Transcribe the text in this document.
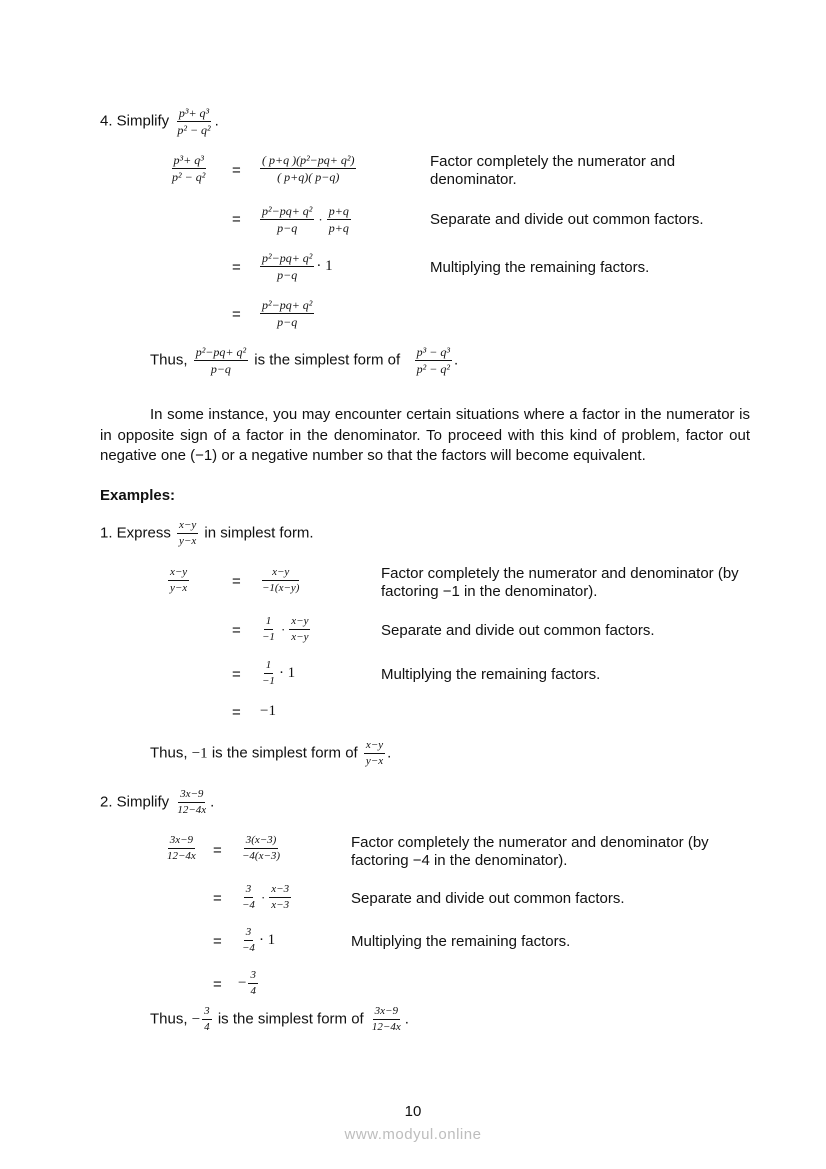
4. Simplify $\frac{\text{p³+ q³}}{\text{p² − q²}}$ .
$\frac{\text{p³+ q³}}{\text{p² − q²}} = \frac{\text{( p+q )(p²−pq+ q²)}}{( p+q)( p-q)}$	Factor completely the numerator and denominator.
= $\frac{\text{p²−pq+ q²}}{p-q} \cdot \frac{p+q}{p+q}$	Separate and divide out common factors.
= $\frac{\text{p²−pq+ q²}}{p-q} \cdot 1$	Multiplying the remaining factors.
= $\frac{\text{p²−pq+ q²}}{p-q}$
Thus, $\frac{\text{p²−pq+ q²}}{p-q}$ is the simplest form of $\frac{\text{p³ − q³}}{\text{p² − q²}}$ .
In some instance, you may encounter certain situations where a factor in the numerator is in opposite sign of a factor in the denominator. To proceed with this kind of problem, factor out negative one (−1) or a negative number so that the factors will become equivalent.
Examples:
1. Express $\frac{x-y}{y-x}$ in simplest form.
$\frac{x-y}{y-x}$	= $\frac{x-y}{-1(x-y)}$	Factor completely the numerator and denominator (by
factoring −1 in the denominator).
= $\frac{1}{-1} \cdot \frac{x-y}{x-y}$	Separate and divide out common factors.
= $\frac{1}{-1} \cdot 1$	Multiplying the remaining factors.
= −1
Thus, −1 is the simplest form of $\frac{x-y}{y-x}$ .
2. Simplify $\frac{3x-9}{12-4x}$ .
$\frac{3x-9}{12-4x} = \frac{3(x-3)}{-4(x-3)}$	Factor completely the numerator and denominator (by
factoring −4 in the denominator).
= $\frac{3}{-4} \cdot \frac{x-3}{x-3}$	Separate and divide out common factors.
= $\frac{3}{-4} \cdot 1$	Multiplying the remaining factors.
= − $\frac{3}{4}$
Thus, − $\frac{3}{4}$ is the simplest form of $\frac{3x-9}{12-4x}$ .
10
www.modyul.online
